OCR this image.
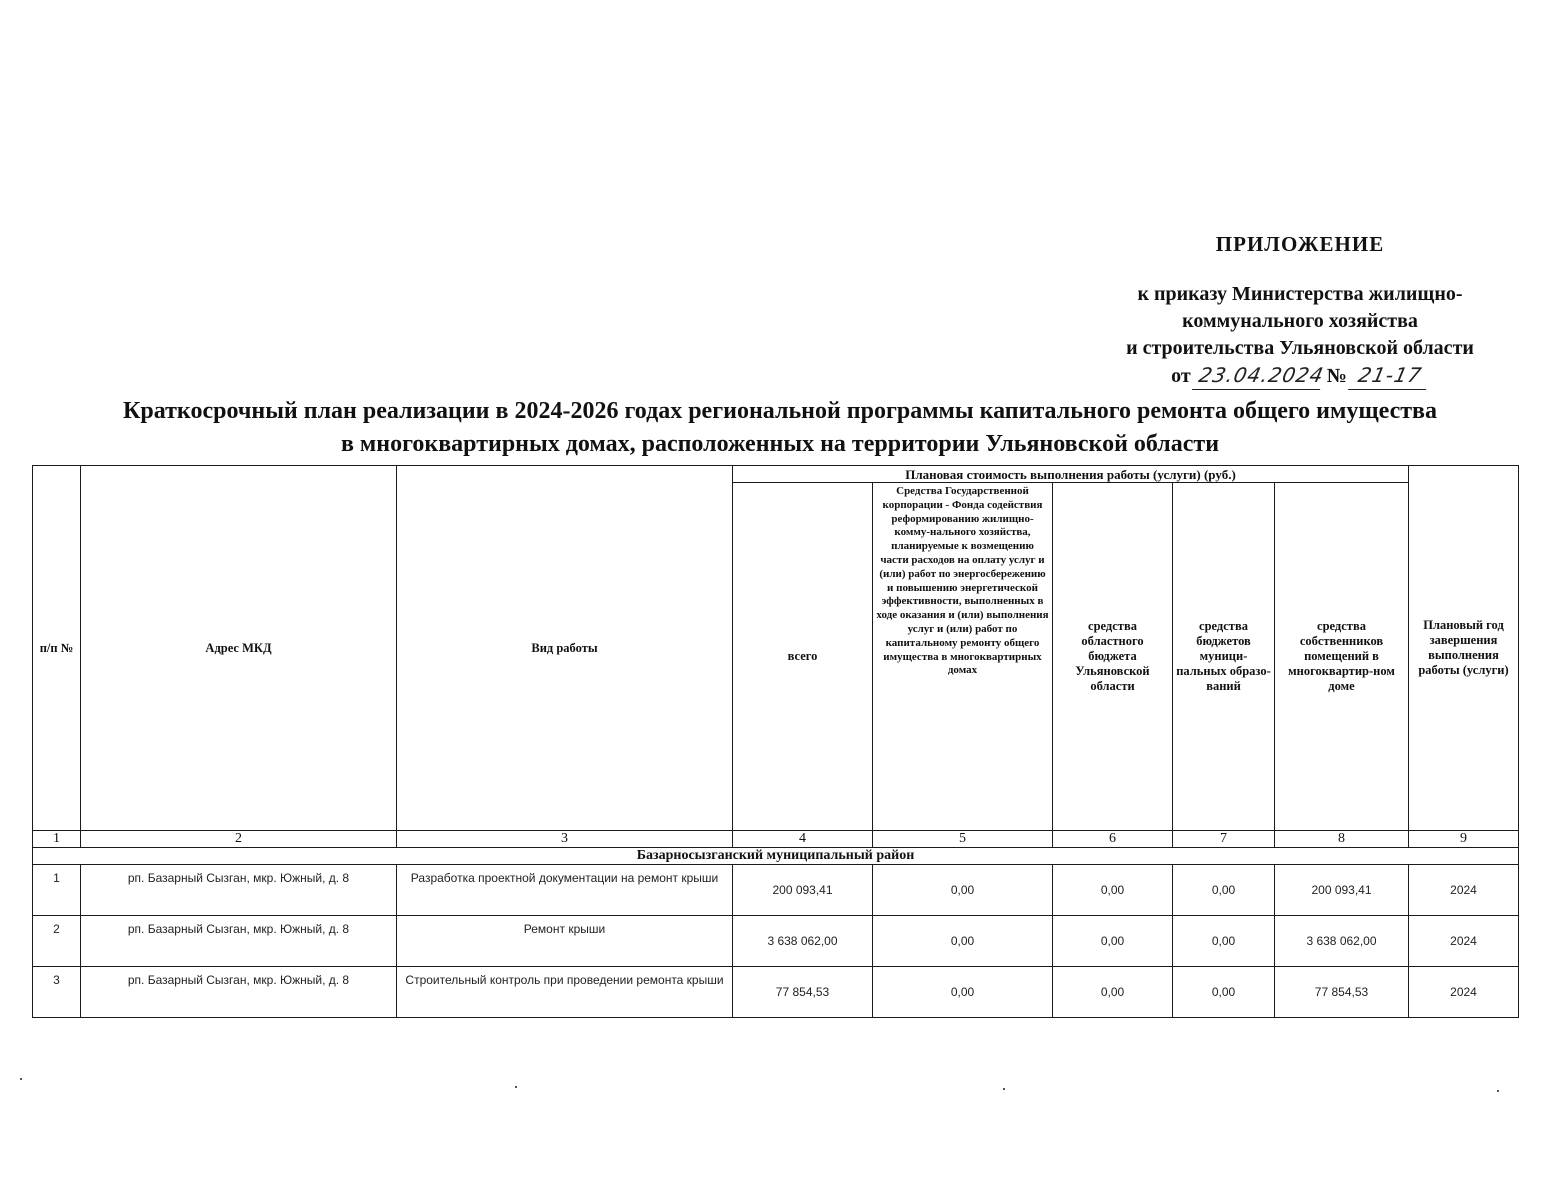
ПРИЛОЖЕНИЕ
к приказу Министерства жилищно-
коммунального хозяйства
и строительства Ульяновской области
от 23.04.2024 № 21-17
Краткосрочный план реализации в 2024-2026 годах региональной программы капитального ремонта общего имущества
в многоквартирных домах, расположенных на территории Ульяновской области
п/п №	Адрес МКД	Вид работы	Плановая стоимость выполнения работы (услуги) (руб.)					Плановый год завершения выполнения работы (услуги)
			всего	Средства Государственной корпорации - Фонда содействия реформированию жилищно-комму-нального хозяйства, планируемые к возмещению части расходов на оплату услуг и (или) работ по энергосбережению и повышению энергетической эффективности, выполненных в ходе оказания и (или) выполнения услуг и (или) работ по капитальному ремонту общего имущества в многоквартирных домах	средства областного бюджета Ульяновской области	средства бюджетов муници-пальных образо-ваний	средства собственников помещений в многоквартир-ном доме	
1	2	3	4	5	6	7	8	9
Базарносызганский муниципальный район								
1	рп. Базарный Сызган, мкр. Южный, д. 8	Разработка проектной документации на ремонт крыши	200 093,41	0,00	0,00	0,00	200 093,41	2024
2	рп. Базарный Сызган, мкр. Южный, д. 8	Ремонт крыши	3 638 062,00	0,00	0,00	0,00	3 638 062,00	2024
3	рп. Базарный Сызган, мкр. Южный, д. 8	Строительный контроль при проведении ремонта крыши	77 854,53	0,00	0,00	0,00	77 854,53	2024
